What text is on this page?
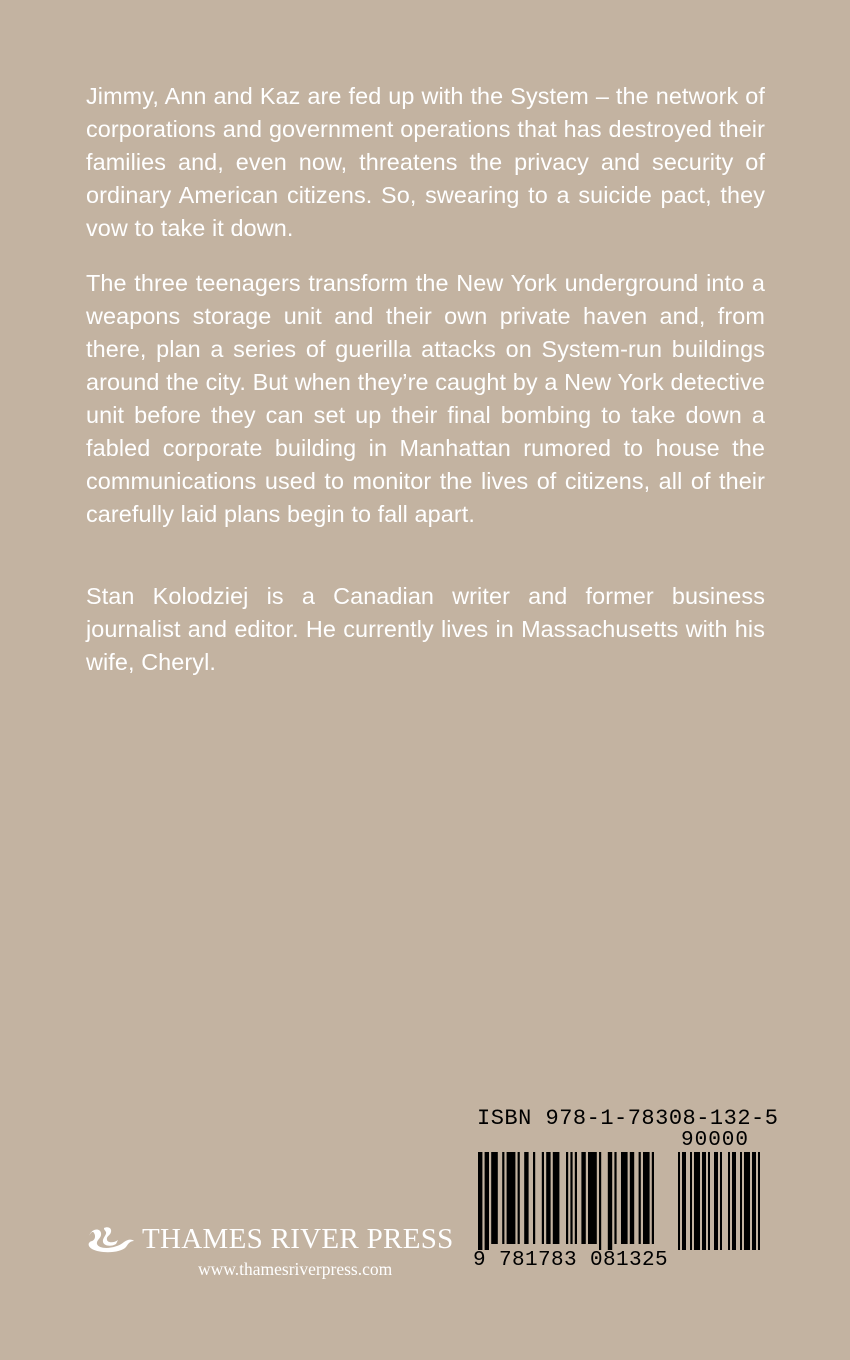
Jimmy, Ann and Kaz are fed up with the System – the network of corporations and government operations that has destroyed their families and, even now, threatens the privacy and security of ordinary American citizens. So, swearing to a suicide pact, they vow to take it down.

The three teenagers transform the New York underground into a weapons storage unit and their own private haven and, from there, plan a series of guerilla attacks on System-run buildings around the city. But when they’re caught by a New York detective unit before they can set up their final bombing to take down a fabled corporate building in Manhattan rumored to house the communications used to monitor the lives of citizens, all of their carefully laid plans begin to fall apart.

Stan Kolodziej is a Canadian writer and former business journalist and editor. He currently lives in Massachusetts with his wife, Cheryl.

THAMES RIVER PRESS
www.thamesriverpress.com
ISBN 978-1-78308-132-5
90000
9 781783 081325
